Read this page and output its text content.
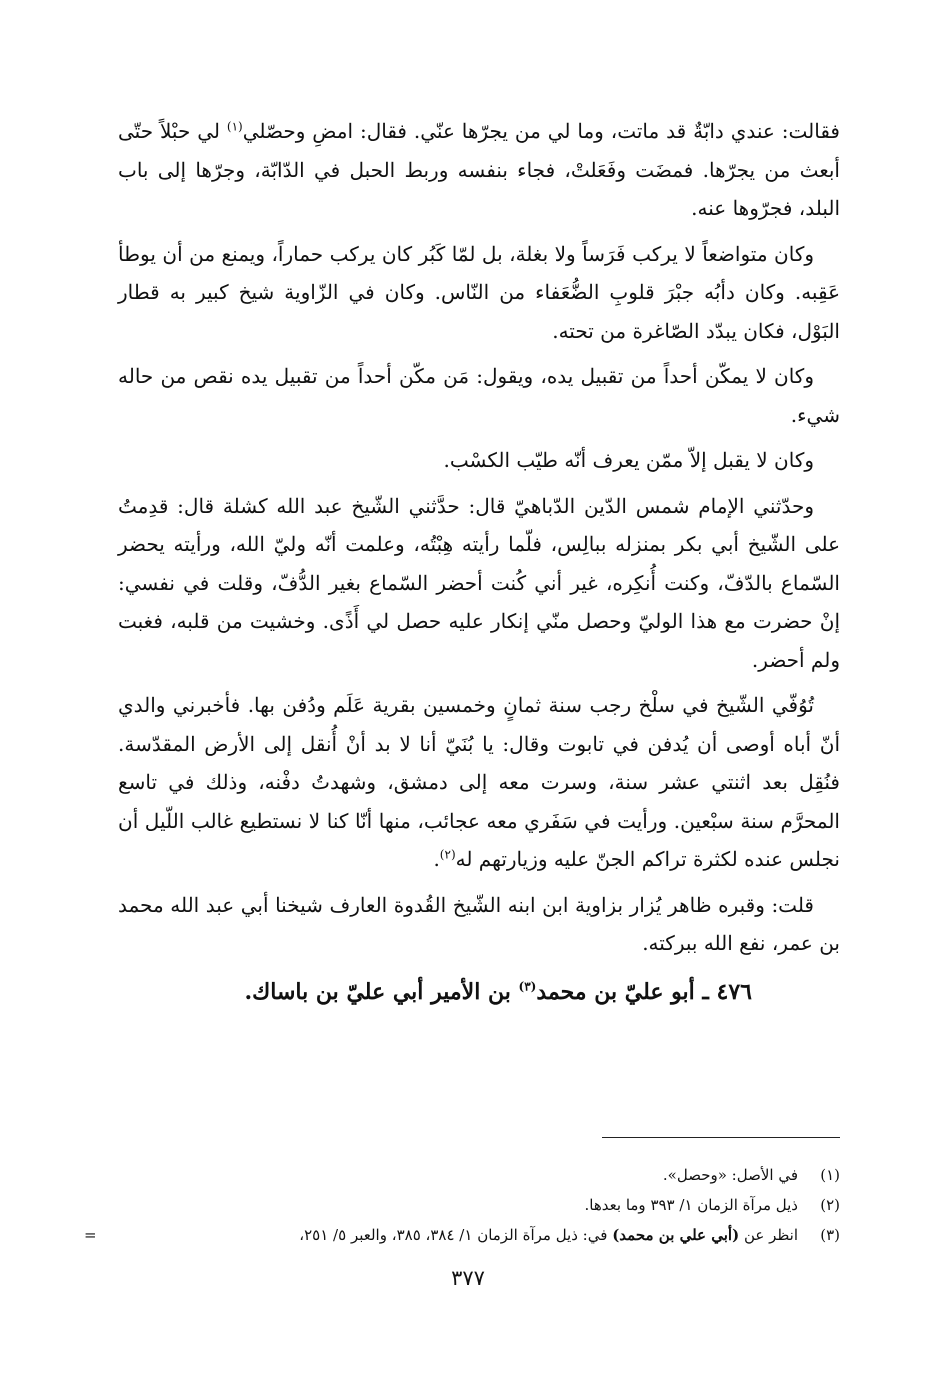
فقالت: عندي دابّةٌ قد ماتت، وما لي من يجرّها عنّي. فقال: امضِ وحصّلي$^{(١)}$ لي حبْلاً حتّى أبعث من يجرّها. فمضَت وفَعَلتْ، فجاء بنفسه وربط الحبل في الدّابّة، وجرّها إلى باب البلد، فجرّوها عنه.

وكان متواضعاً لا يركب فَرَساً ولا بغلة، بل لمّا كَبُر كان يركب حماراً، ويمنع من أن يوطأ عَقِبه. وكان دأبُه جبْرَ قلوبِ الضُّعَفاء من النّاس. وكان في الزّاوية شيخ كبير به قطار البَوْل، فكان يبدّد الصّاغرة من تحته.

وكان لا يمكّن أحداً من تقبيل يده، ويقول: مَن مكّن أحداً من تقبيل يده نقص من حاله شيء.

وكان لا يقبل إلاّ ممّن يعرف أنّه طيّب الكسْب.

وحدّثني الإمام شمس الدّين الدّباهيّ قال: حدَّثني الشّيخ عبد الله كشلة قال: قدِمتُ على الشّيخ أبي بكر بمنزله ببالِس، فلّما رأيته هِبْتُه، وعلمت أنّه وليّ الله، ورأيته يحضر السّماع بالدّفّ، وكنت أُنكِره، غير أني كُنت أحضر السّماع بغير الدُّفّ، وقلت في نفسي: إنْ حضرت مع هذا الوليّ وحصل منّي إنكار عليه حصل لي أَذًى. وخشيت من قلبه، فغبت ولم أحضر.

تُوُفّي الشّيخ في سلْخ رجب سنة ثمانٍ وخمسين بقرية عَلَم ودُفن بها. فأخبرني والدي أنّ أباه أوصى أن يُدفن في تابوت وقال: يا بُنَيّ أنا لا بد أنْ أُنقل إلى الأرض المقدّسة. فنُقِل بعد اثنتي عشر سنة، وسرت معه إلى دمشق، وشهدتُ دفْنه، وذلك في تاسع المحرَّم سنة سبْعين. ورأيت في سَفَري معه عجائب، منها أنّا كنا لا نستطيع غالب اللّيل أن نجلس عنده لكثرة تراكم الجنّ عليه وزيارتهم له$^{(٢)}$.

قلت: وقبره ظاهر يُزار بزاوية ابن ابنه الشّيخ القُدوة العارف شيخنا أبي عبد الله محمد بن عمر، نفع الله ببركته.

٤٧٦ ـ أبو عليّ بن محمد$^{(٣)}$ بن الأمير أبي عليّ بن باساك.

(١)
في الأصل: «وحصل».
(٢)
ذيل مرآة الزمان ١/ ٣٩٣ وما بعدها.
(٣)
انظر عن (أبي علي بن محمد) في: ذيل مرآة الزمان ١/ ٣٨٤، ٣٨٥، والعبر ٥/ ٢٥١،
=
٣٧٧
